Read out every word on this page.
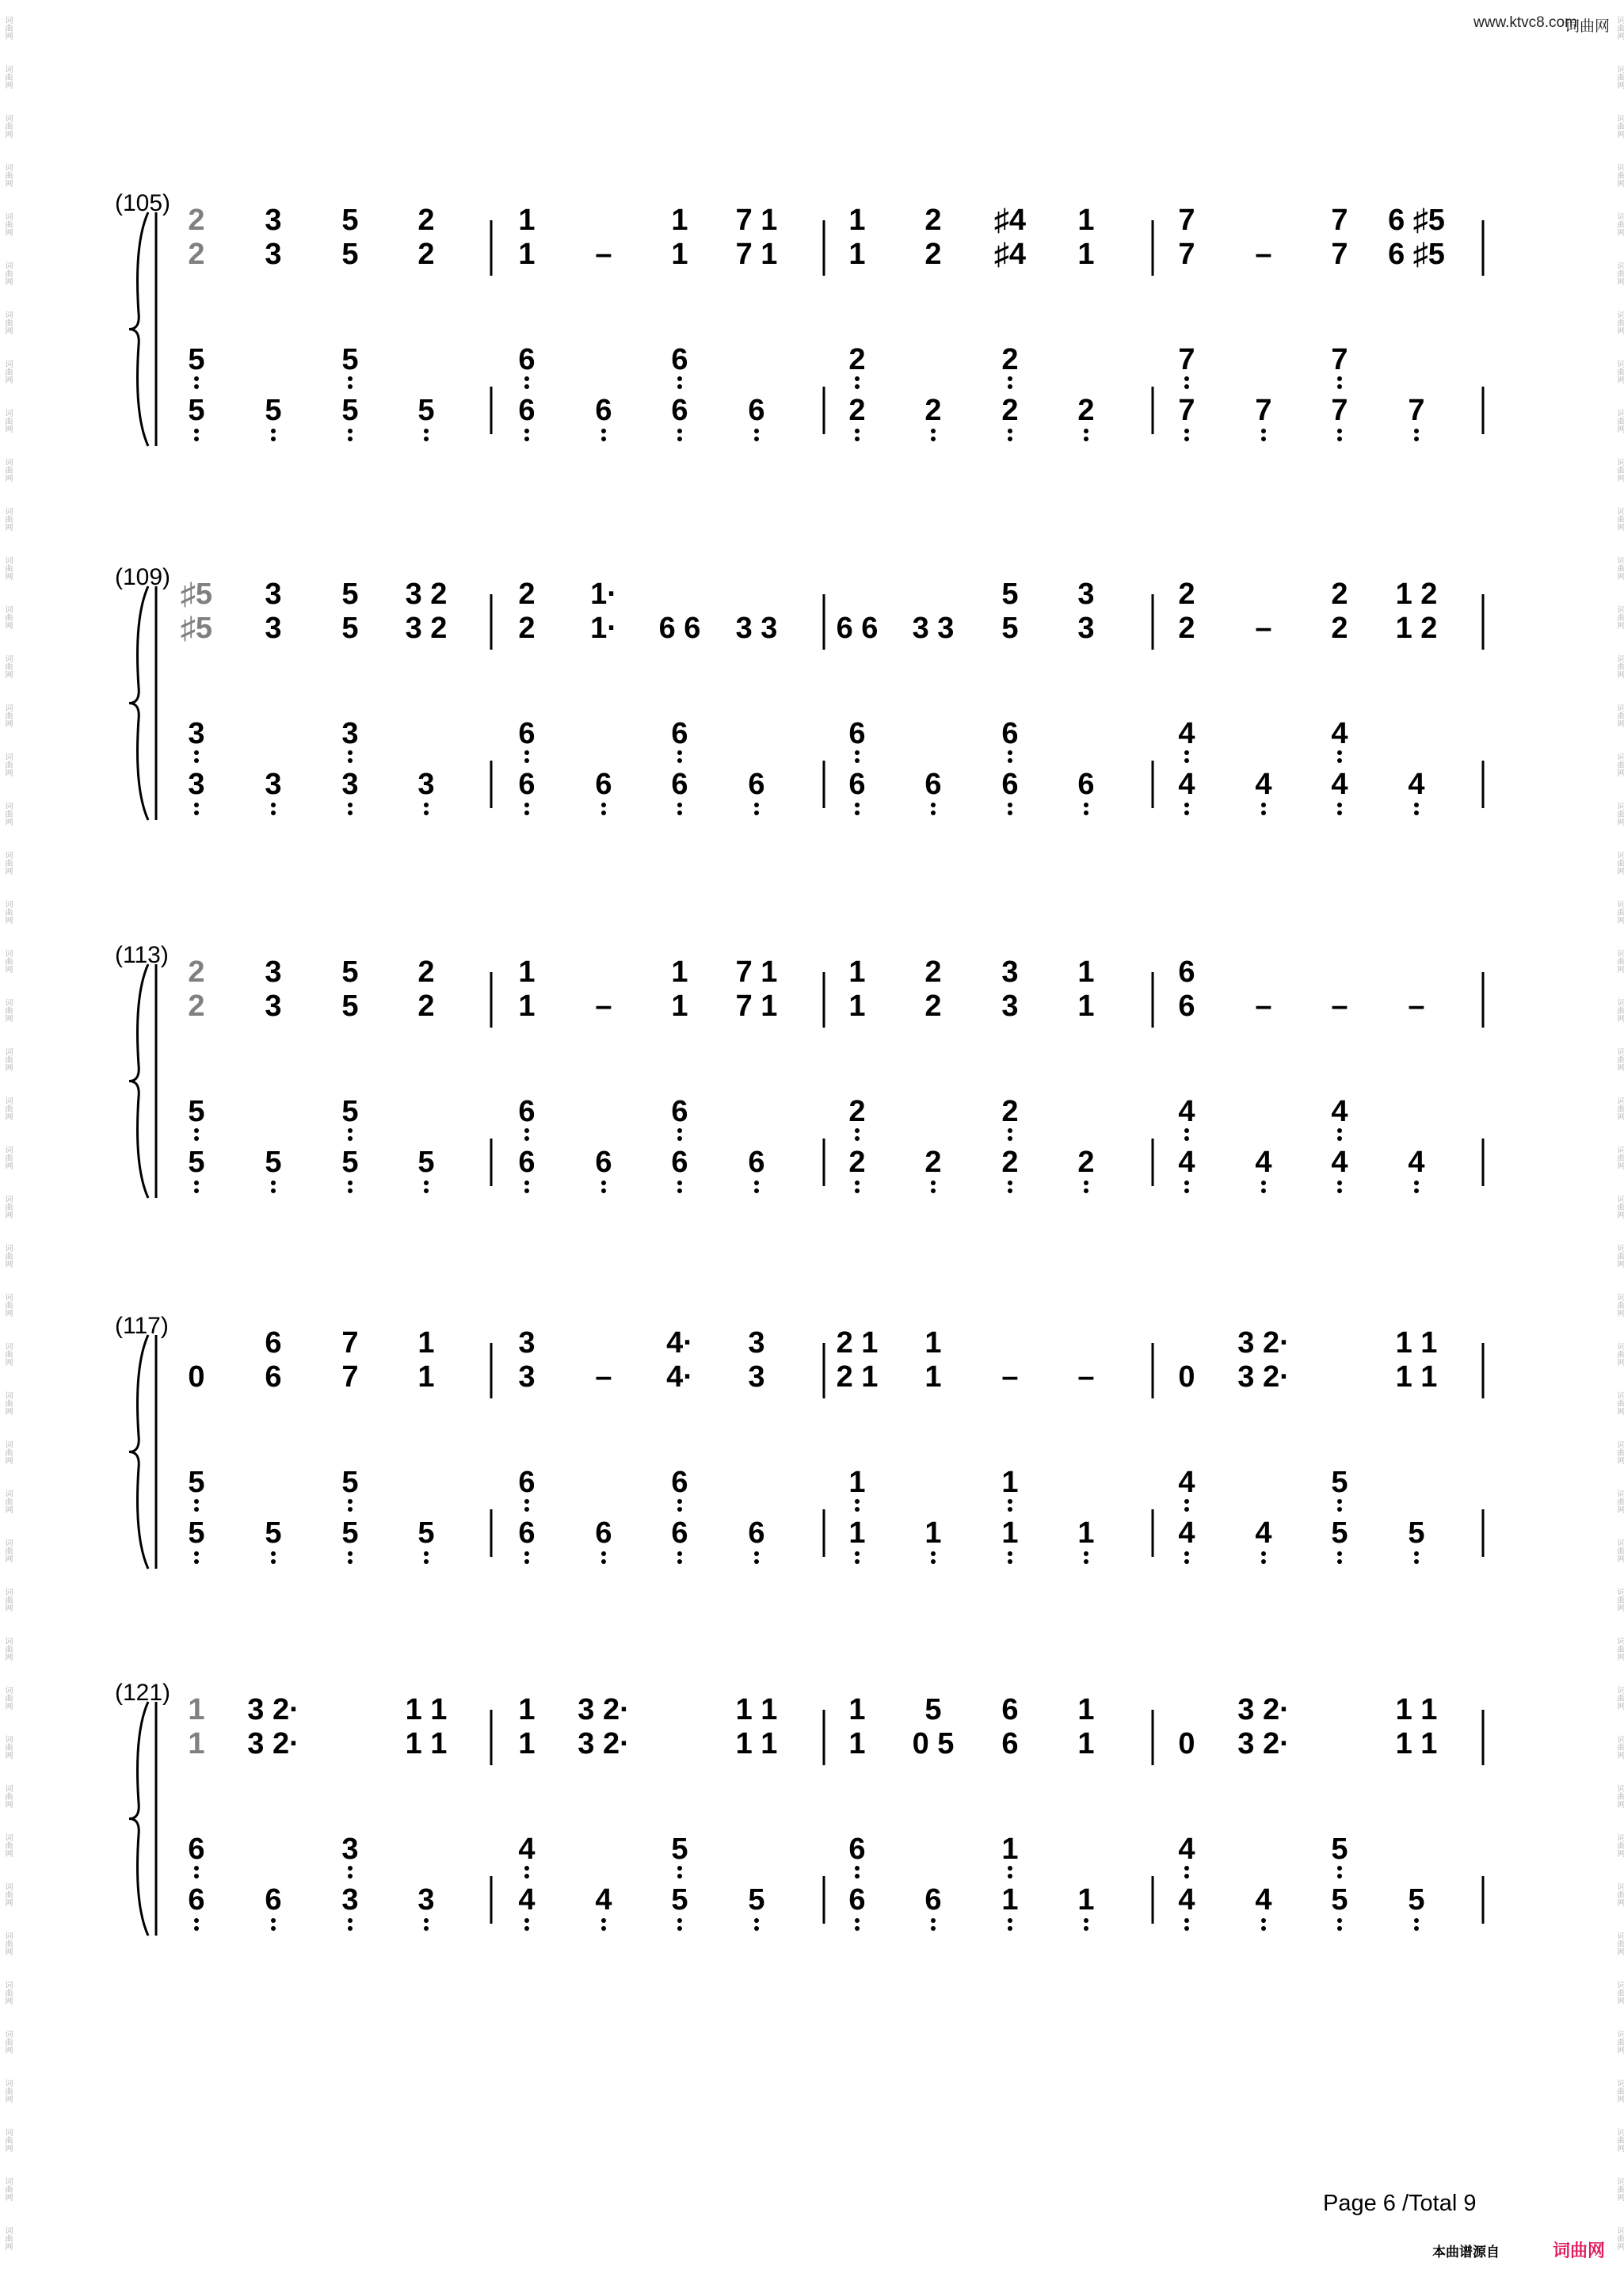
www.ktvc8.com
词曲网
(105)
2 3 5 2	1	1 7 1 1 2 ♯4 1	7	7 6 ♯5
2 3 5 2	1 – 1 7 1 1 2 ♯4 1	7 – 7 6 ♯5
5	5	6	6	2	2	7	7
5 5 5 5	6 6 6 6	2 2 2 2	7 7 7 7
(109)
♯5 3 5 3 2 2 1·	5 3	2	2 1 2
♯5 3 5 3 2 2 1· 6 6 3 3 6 6 3 3 5 3	2 – 2 1 2
3	3	6	6	6	6	4	4
3 3 3 3	6 6 6 6	6 6 6 6	4 4 4 4
(113)
2 3 5 2	1	1 7 1 1 2 3 1	6
2 3 5 2	1 – 1 7 1 1 2 3 1	6 – – –
5	5	6	6	2	2	4	4
5 5 5 5	6 6 6 6	2 2 2 2	4 4 4 4
(117)
6 7 1	3	4· 3 2 1 1	3 2·	1 1
0 6 7 1	3 – 4· 3 2 1 1 – –	0 3 2·	1 1
5	5	6	6	1	1	4	5
5 5 5 5	6 6 6 6	1 1 1 1	4 4 5 5
(121)
1 3 2·	1 1 1 3 2·	1 1 1 5 6 1	3 2·	1 1
1 3 2·	1 1 1 3 2·	1 1 1 0 5 6 1	0 3 2·	1 1
6	3	4	5	6	1	4	5
6 6 3 3	4 4 5 5	6 6 1 1	4 4 5 5
Page 6 /Total 9
本曲谱源自	词曲网
词曲网	词曲网
词曲网	词曲网
词曲网	词曲网
词曲网	词曲网
词曲网	词曲网
词曲网	词曲网
词曲网	词曲网
词曲网	词曲网
词曲网	词曲网
词曲网	词曲网
词曲网	词曲网
词曲网	词曲网
词曲网	词曲网
词曲网	词曲网
词曲网	词曲网
词曲网	词曲网
词曲网	词曲网
词曲网	词曲网
词曲网	词曲网
词曲网	词曲网
词曲网	词曲网
词曲网	词曲网
词曲网	词曲网
词曲网	词曲网
词曲网	词曲网
词曲网	词曲网
词曲网	词曲网
词曲网	词曲网
词曲网	词曲网
词曲网	词曲网
词曲网	词曲网
词曲网	词曲网
词曲网	词曲网
词曲网	词曲网
词曲网	词曲网
词曲网	词曲网
词曲网	词曲网
词曲网	词曲网
词曲网	词曲网
词曲网	词曲网
词曲网	词曲网
词曲网	词曲网
词曲网	词曲网
词曲网	词曲网
词曲网	词曲网
词曲网	词曲网
